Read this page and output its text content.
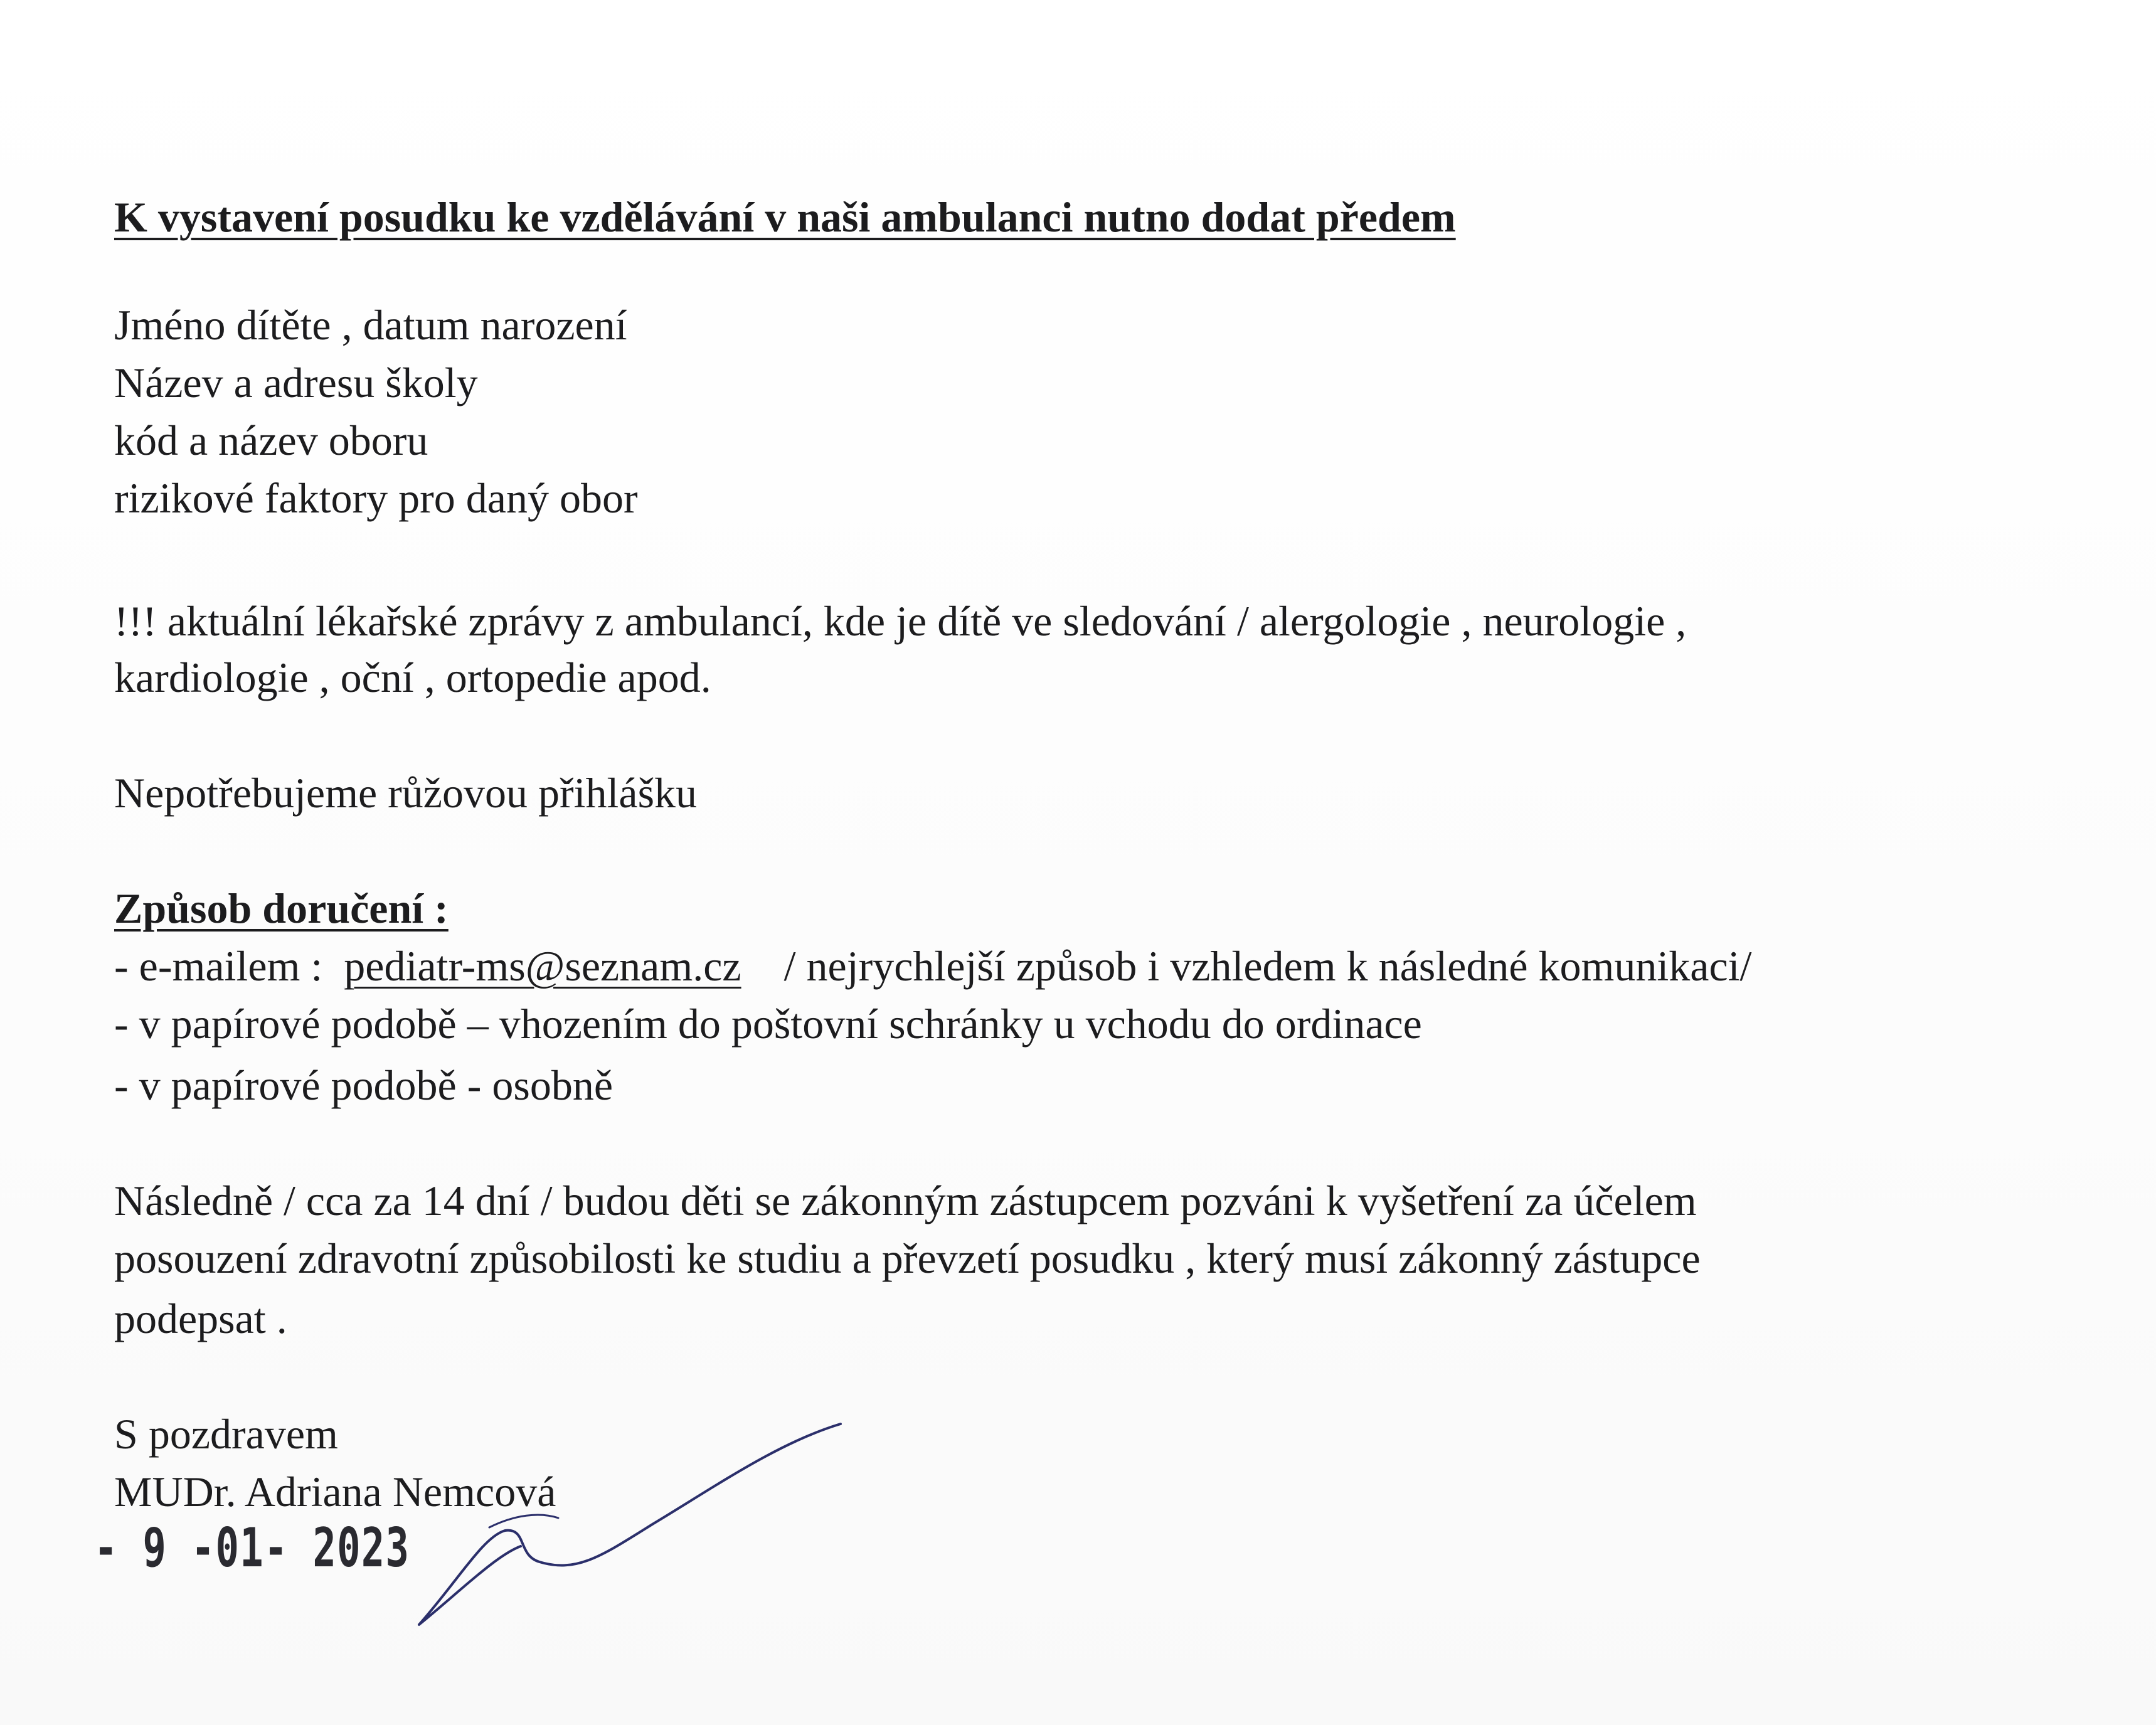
K vystavení posudku ke vzdělávání v naši ambulanci nutno dodat předem

Jméno dítěte , datum narození

Název a adresu školy

kód a název oboru

rizikové faktory pro daný obor

!!! aktuální lékařské zprávy z ambulancí, kde je dítě ve sledování / alergologie , neurologie ,

kardiologie , oční , ortopedie apod.

Nepotřebujeme růžovou přihlášku

Způsob doručení :

- e-mailem :  pediatr-ms@seznam.cz    / nejrychlejší způsob i vzhledem k následné komunikaci/

- v papírové podobě – vhozením do poštovní schránky u vchodu do ordinace

- v papírové podobě - osobně

Následně / cca za 14 dní / budou děti se zákonným zástupcem pozváni k vyšetření za účelem

posouzení zdravotní způsobilosti ke studiu a převzetí posudku , který musí zákonný zástupce

podepsat .

S pozdravem

MUDr. Adriana Nemcová

- 9 -01- 2023
